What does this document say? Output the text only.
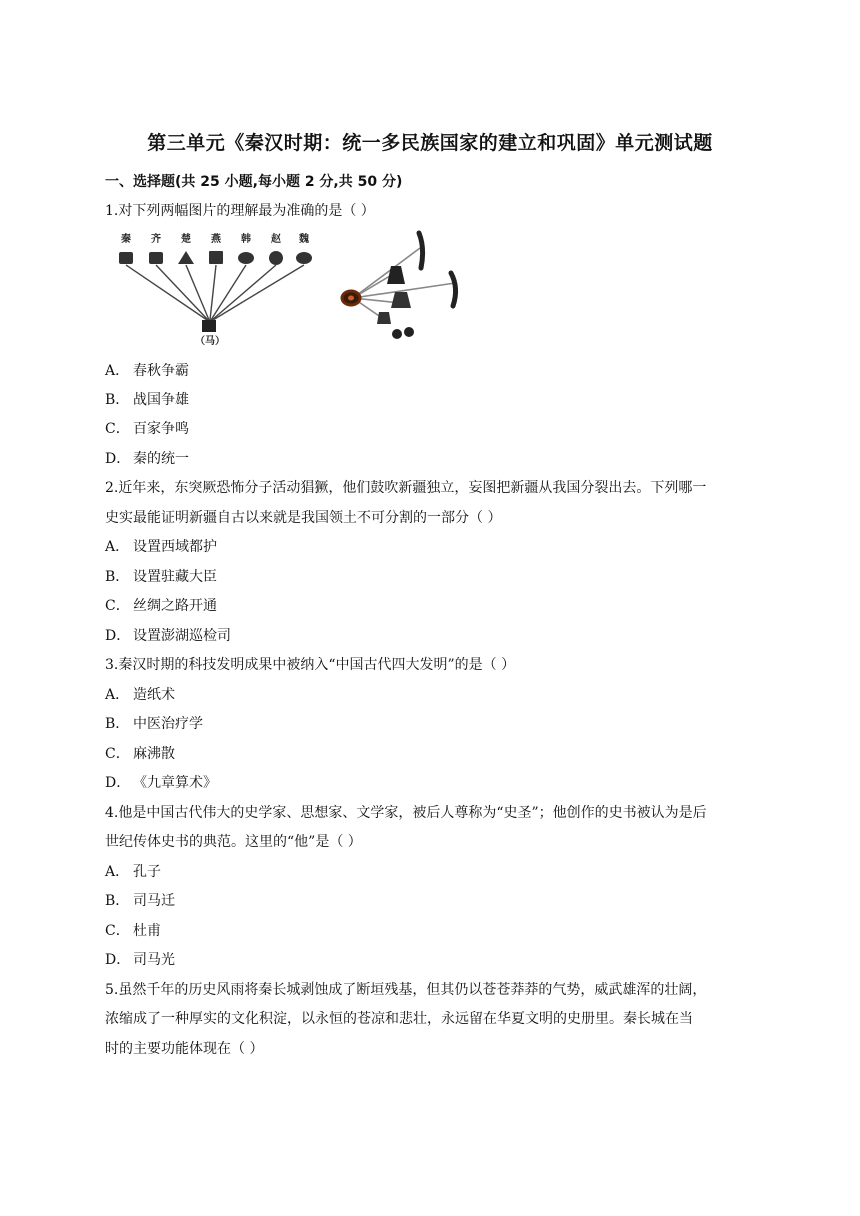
第三单元《秦汉时期：统一多民族国家的建立和巩固》单元测试题
一、选择题(共 25 小题,每小题 2 分,共 50 分)
1.对下列两幅图片的理解最为准确的是（ ）
秦 齐 楚 燕 韩 赵 魏
（马）
A． 春秋争霸
B． 战国争雄
C． 百家争鸣
D． 秦的统一
2.近年来，东突厥恐怖分子活动猖獗，他们鼓吹新疆独立，妄图把新疆从我国分裂出去。下列哪一
史实最能证明新疆自古以来就是我国领土不可分割的一部分（ ）
A． 设置西域都护
B． 设置驻藏大臣
C． 丝绸之路开通
D． 设置澎湖巡检司
3.秦汉时期的科技发明成果中被纳入“中国古代四大发明”的是（ ）
A． 造纸术
B． 中医治疗学
C． 麻沸散
D． 《九章算术》
4.他是中国古代伟大的史学家、思想家、文学家，被后人尊称为“史圣”；他创作的史书被认为是后
世纪传体史书的典范。这里的“他”是（ ）
A． 孔子
B． 司马迁
C． 杜甫
D． 司马光
5.虽然千年的历史风雨将秦长城剥蚀成了断垣残基，但其仍以苍苍莽莽的气势，威武雄浑的壮阔，
浓缩成了一种厚实的文化积淀，以永恒的苍凉和悲壮，永远留在华夏文明的史册里。秦长城在当
时的主要功能体现在（ ）
